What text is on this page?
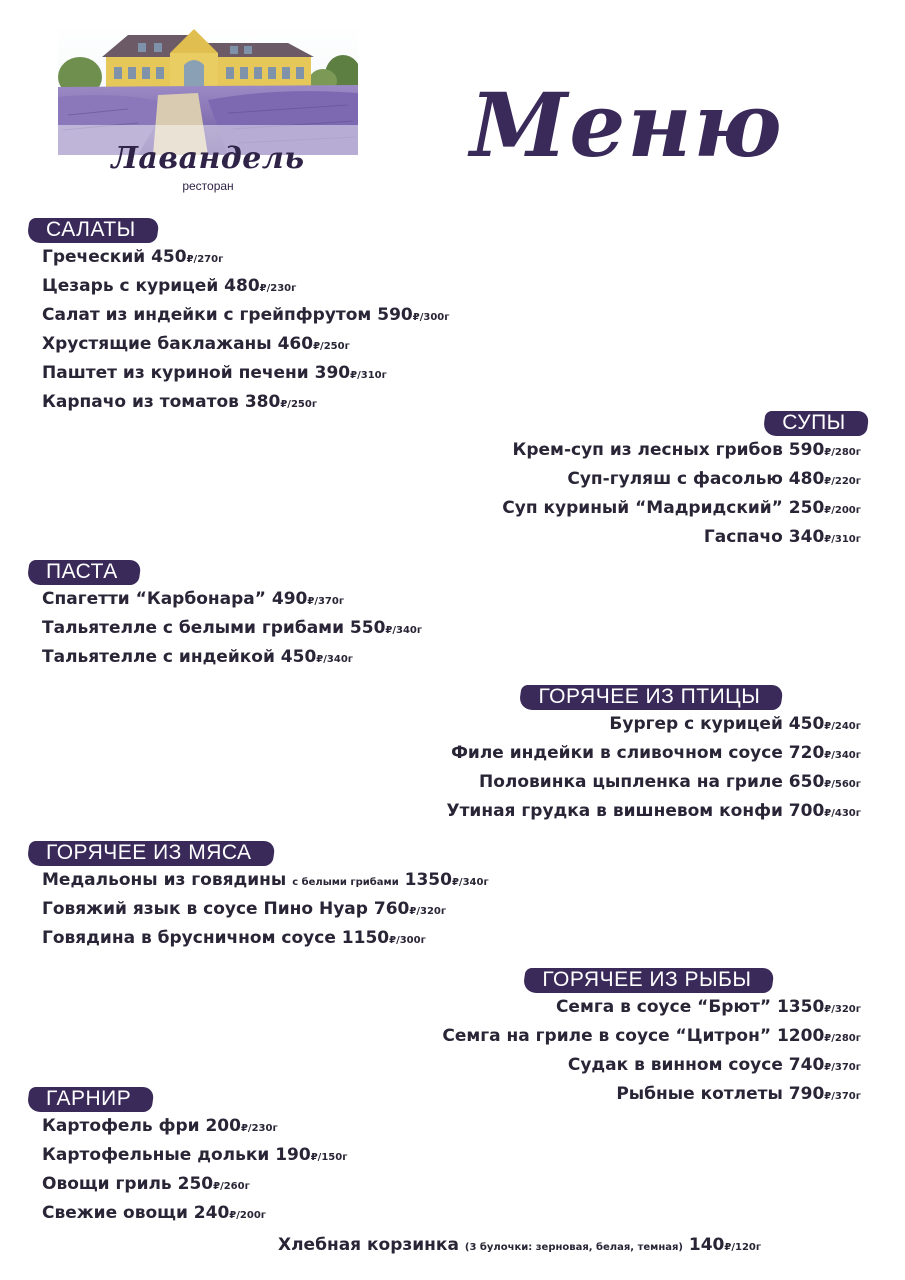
Лавандель
ресторан
Меню
САЛАТЫ
Греческий 450₽/270г
Цезарь с курицей 480₽/230г
Салат из индейки с грейпфрутом 590₽/300г
Хрустящие баклажаны 460₽/250г
Паштет из куриной печени 390₽/310г
Карпачо из томатов 380₽/250г
СУПЫ
Крем-суп из лесных грибов 590₽/280г
Суп-гуляш с фасолью 480₽/220г
Суп куриный “Мадридский” 250₽/200г
Гаспачо 340₽/310г
ПАСТА
Спагетти “Карбонара” 490₽/370г
Тальятелле с белыми грибами 550₽/340г
Тальятелле с индейкой 450₽/340г
ГОРЯЧЕЕ ИЗ ПТИЦЫ
Бургер с курицей 450₽/240г
Филе индейки в сливочном соусе 720₽/340г
Половинка цыпленка на гриле 650₽/560г
Утиная грудка в вишневом конфи 700₽/430г
ГОРЯЧЕЕ ИЗ МЯСА
Медальоны из говядины с белыми грибами 1350₽/340г
Говяжий язык в соусе Пино Нуар 760₽/320г
Говядина в брусничном соусе 1150₽/300г
ГОРЯЧЕЕ ИЗ РЫБЫ
Семга в соусе “Брют” 1350₽/320г
Семга на гриле в соусе “Цитрон” 1200₽/280г
Судак в винном соусе 740₽/370г
Рыбные котлеты 790₽/370г
ГАРНИР
Картофель фри 200₽/230г
Картофельные дольки 190₽/150г
Овощи гриль 250₽/260г
Свежие овощи 240₽/200г
Хлебная корзинка (3 булочки: зерновая, белая, темная) 140₽/120г
